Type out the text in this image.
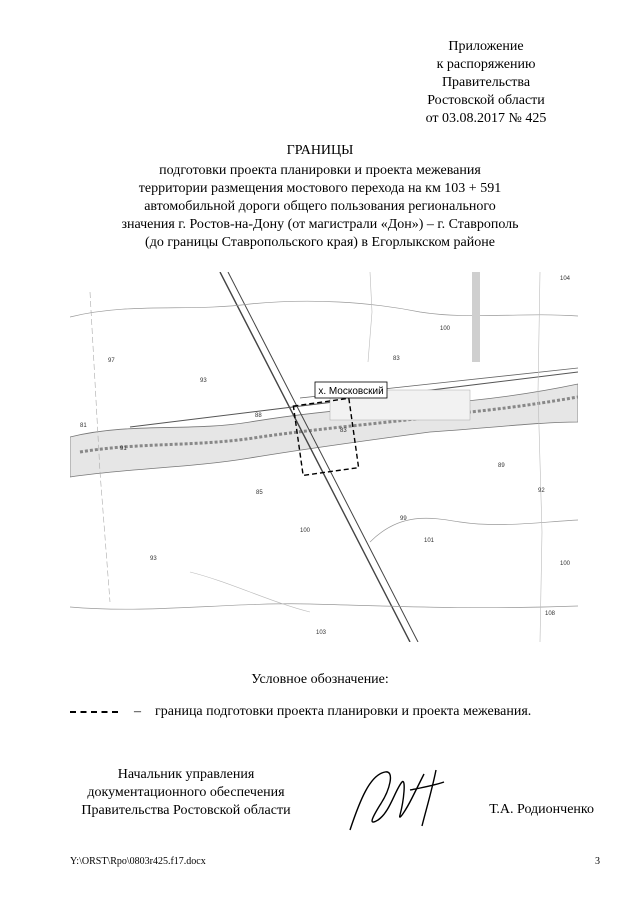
Приложение
к распоряжению
Правительства
Ростовской области
от 03.08.2017 № 425
ГРАНИЦЫ
подготовки проекта планировки и проекта межевания
территории размещения мостового перехода на км 103 + 591
автомобильной дороги общего пользования регионального
значения г. Ростов-на-Дону (от магистрали «Дон») – г. Ставрополь
(до границы Ставропольского края) в Егорлыкском районе
х. Московский
104
100
97
93
91
81
88
85
83
89
92
101
103
108
100
99
100
93
83
Условное обозначение:
– граница подготовки проекта планировки и проекта межевания.
Начальник управления
документационного обеспечения
Правительства Ростовской области	Т.А. Родионченко
Y:\ORST\Rpo\0803r425.f17.docx	3
